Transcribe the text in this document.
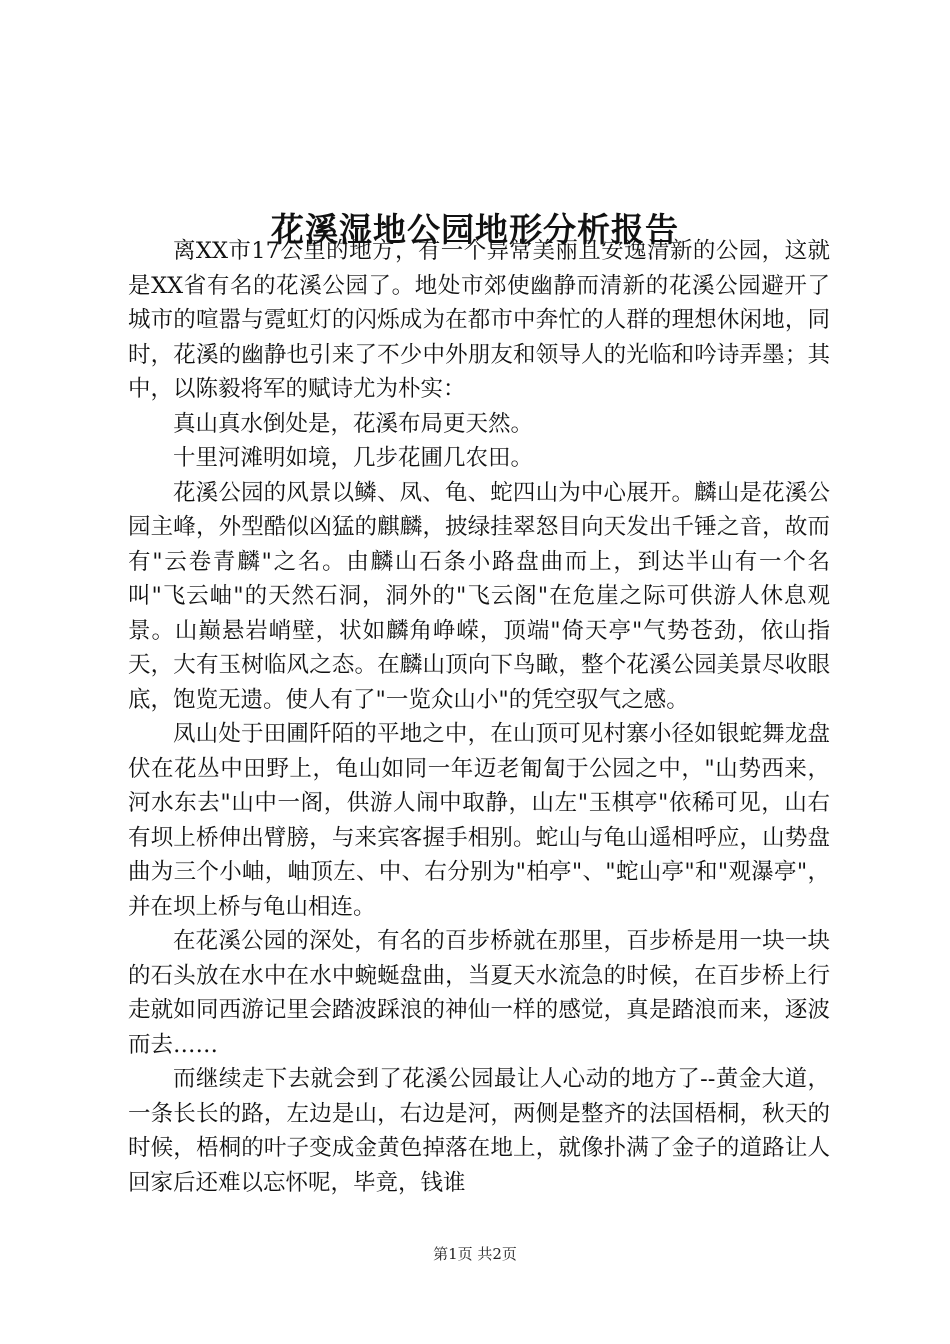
花溪湿地公园地形分析报告

离XX市17公里的地方，有一个异常美丽且安逸清新的公园，这就是XX省有名的花溪公园了。地处市郊使幽静而清新的花溪公园避开了城市的喧嚣与霓虹灯的闪烁成为在都市中奔忙的人群的理想休闲地，同时，花溪的幽静也引来了不少中外朋友和领导人的光临和吟诗弄墨；其中，以陈毅将军的赋诗尤为朴实：

真山真水倒处是，花溪布局更天然。

十里河滩明如境，几步花圃几农田。

花溪公园的风景以鳞、凤、龟、蛇四山为中心展开。麟山是花溪公园主峰，外型酷似凶猛的麒麟，披绿挂翠怒目向天发出千锤之音，故而有"云卷青麟"之名。由麟山石条小路盘曲而上，到达半山有一个名叫"飞云岫"的天然石洞，洞外的"飞云阁"在危崖之际可供游人休息观景。山巅悬岩峭壁，状如麟角峥嵘，顶端"倚天亭"气势苍劲，依山指天，大有玉树临风之态。在麟山顶向下鸟瞰，整个花溪公园美景尽收眼底，饱览无遗。使人有了"一览众山小"的凭空驭气之感。

凤山处于田圃阡陌的平地之中，在山顶可见村寨小径如银蛇舞龙盘伏在花丛中田野上，龟山如同一年迈老匍匐于公园之中，"山势西来，河水东去"山中一阁，供游人闹中取静，山左"玉棋亭"依稀可见，山右有坝上桥伸出臂膀，与来宾客握手相别。蛇山与龟山遥相呼应，山势盘曲为三个小岫，岫顶左、中、右分别为"柏亭"、"蛇山亭"和"观瀑亭"，并在坝上桥与龟山相连。

在花溪公园的深处，有名的百步桥就在那里，百步桥是用一块一块的石头放在水中在水中蜿蜒盘曲，当夏天水流急的时候，在百步桥上行走就如同西游记里会踏波踩浪的神仙一样的感觉，真是踏浪而来，逐波而去……

而继续走下去就会到了花溪公园最让人心动的地方了--黄金大道，一条长长的路，左边是山，右边是河，两侧是整齐的法国梧桐，秋天的时候，梧桐的叶子变成金黄色掉落在地上，就像扑满了金子的道路让人回家后还难以忘怀呢，毕竟，钱谁

第1页 共2页
